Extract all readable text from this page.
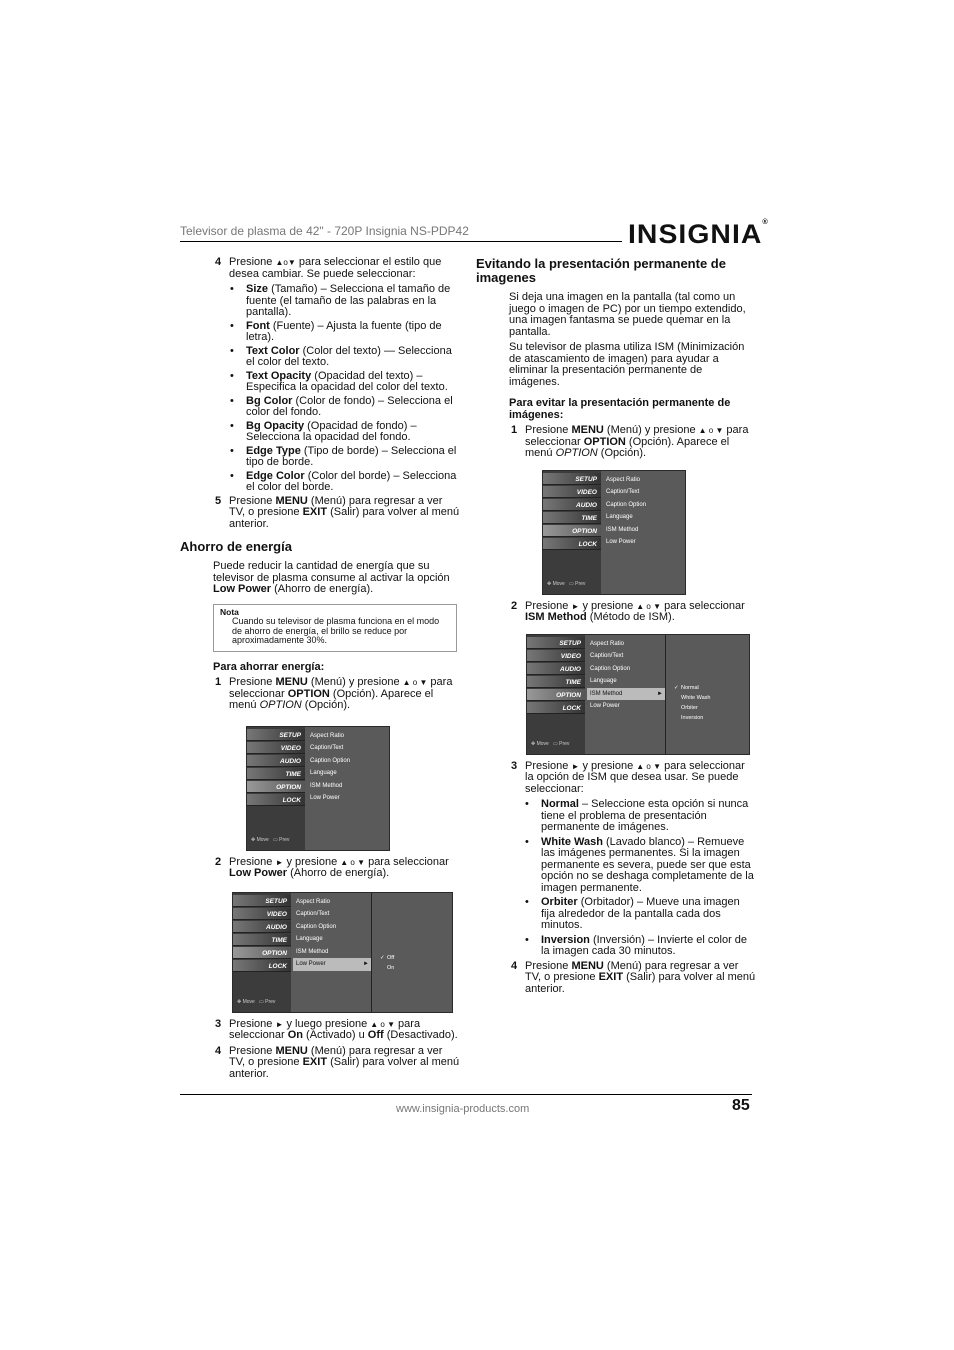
Televisor de plasma de 42" - 720P Insignia NS-PDP42	INSIGNIA®
4 Presione ▲o▼ para seleccionar el estilo que desea cambiar. Se puede seleccionar:
• Size (Tamaño) – Selecciona el tamaño de fuente (el tamaño de las palabras en la pantalla).
• Font (Fuente) – Ajusta la fuente (tipo de letra).
• Text Color (Color del texto) — Selecciona el color del texto.
• Text Opacity (Opacidad del texto) – Especifica la opacidad del color del texto.
• Bg Color (Color de fondo) – Selecciona el color del fondo.
• Bg Opacity (Opacidad de fondo) – Selecciona la opacidad del fondo.
• Edge Type (Tipo de borde) – Selecciona el tipo de borde.
• Edge Color (Color del borde) – Selecciona el color del borde.
5 Presione MENU (Menú) para regresar a ver TV, o presione EXIT (Salir) para volver al menú anterior.
Ahorro de energía
Puede reducir la cantidad de energía que su televisor de plasma consume al activar la opción Low Power (Ahorro de energía).
Nota
Cuando su televisor de plasma funciona en el modo de ahorro de energía, el brillo se reduce por aproximadamente 30%.
Para ahorrar energía:
1 Presione MENU (Menú) y presione ▲ o ▼ para seleccionar OPTION (Opción). Aparece el menú OPTION (Opción).
SETUP
VIDEO
AUDIO
TIME
OPTION
LOCK
Aspect Ratio
Caption/Text
Caption Option
Language
ISM Method
Low Power
✥ Move   ▭ Prev
2 Presione ► y presione ▲ o ▼ para seleccionar Low Power (Ahorro de energía).
SETUP
VIDEO
AUDIO
TIME
OPTION
LOCK
Aspect Ratio
Caption/Text
Caption Option
Language
ISM Method
Low Power	►
✓ Off
On
✥ Move   ▭ Prev
3 Presione ► y luego presione ▲ o ▼ para seleccionar On (Activado) u Off (Desactivado).
4 Presione MENU (Menú) para regresar a ver TV, o presione EXIT (Salir) para volver al menú anterior.
Evitando la presentación permanente de imagenes
Si deja una imagen en la pantalla (tal como un juego o imagen de PC) por un tiempo extendido, una imagen fantasma se puede quemar en la pantalla.
Su televisor de plasma utiliza ISM (Minimización de atascamiento de imagen) para ayudar a eliminar la presentación permanente de imágenes.
Para evitar la presentación permanente de imágenes:
1 Presione MENU (Menú) y presione ▲ o ▼ para seleccionar OPTION (Opción). Aparece el menú OPTION (Opción).
SETUP
VIDEO
AUDIO
TIME
OPTION
LOCK
Aspect Ratio
Caption/Text
Caption Option
Language
ISM Method
Low Power
✥ Move   ▭ Prev
2 Presione ► y presione ▲ o ▼ para seleccionar ISM Method (Método de ISM).
SETUP
VIDEO
AUDIO
TIME
OPTION
LOCK
Aspect Ratio
Caption/Text
Caption Option
Language
ISM Method	►
Low Power
✓ Normal
White Wash
Orbiter
Inversion
✥ Move   ▭ Prev
3 Presione ► y presione ▲ o ▼ para seleccionar la opción de ISM que desea usar. Se puede seleccionar:
• Normal – Seleccione esta opción si nunca tiene el problema de presentación permanente de imágenes.
• White Wash (Lavado blanco) – Remueve las imágenes permanentes. Si la imagen permanente es severa, puede ser que esta opción no se deshaga completamente de la imagen permanente.
• Orbiter (Orbitador) – Mueve una imagen fija alrededor de la pantalla cada dos minutos.
• Inversion (Inversión) – Invierte el color de la imagen cada 30 minutos.
4 Presione MENU (Menú) para regresar a ver TV, o presione EXIT (Salir) para volver al menú anterior.
www.insignia-products.com	85
